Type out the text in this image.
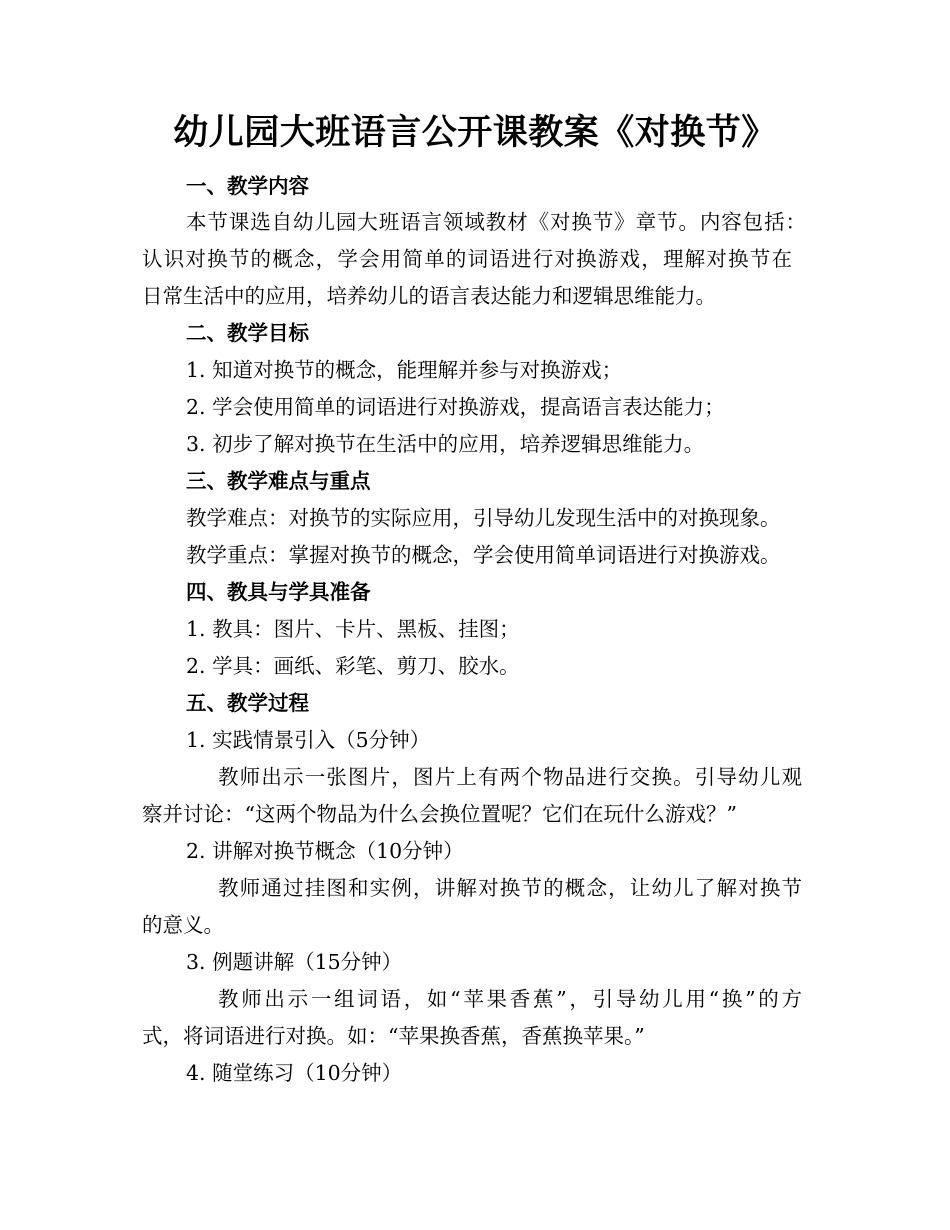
幼儿园大班语言公开课教案《对换节》
一、教学内容
本节课选自幼儿园大班语言领域教材《对换节》章节。内容包括：
认识对换节的概念，学会用简单的词语进行对换游戏，理解对换节在
日常生活中的应用，培养幼儿的语言表达能力和逻辑思维能力。
二、教学目标
1. 知道对换节的概念，能理解并参与对换游戏；
2. 学会使用简单的词语进行对换游戏，提高语言表达能力；
3. 初步了解对换节在生活中的应用，培养逻辑思维能力。
三、教学难点与重点
教学难点：对换节的实际应用，引导幼儿发现生活中的对换现象。
教学重点：掌握对换节的概念，学会使用简单词语进行对换游戏。
四、教具与学具准备
1. 教具：图片、卡片、黑板、挂图；
2. 学具：画纸、彩笔、剪刀、胶水。
五、教学过程
1. 实践情景引入（5分钟）
教师出示一张图片，图片上有两个物品进行交换。引导幼儿观
察并讨论：“这两个物品为什么会换位置呢？它们在玩什么游戏？”
2. 讲解对换节概念（10分钟）
教师通过挂图和实例，讲解对换节的概念，让幼儿了解对换节
的意义。
3. 例题讲解（15分钟）
教师出示一组词语，如“苹果香蕉”，引导幼儿用“换”的方
式，将词语进行对换。如：“苹果换香蕉，香蕉换苹果。”
4. 随堂练习（10分钟）
